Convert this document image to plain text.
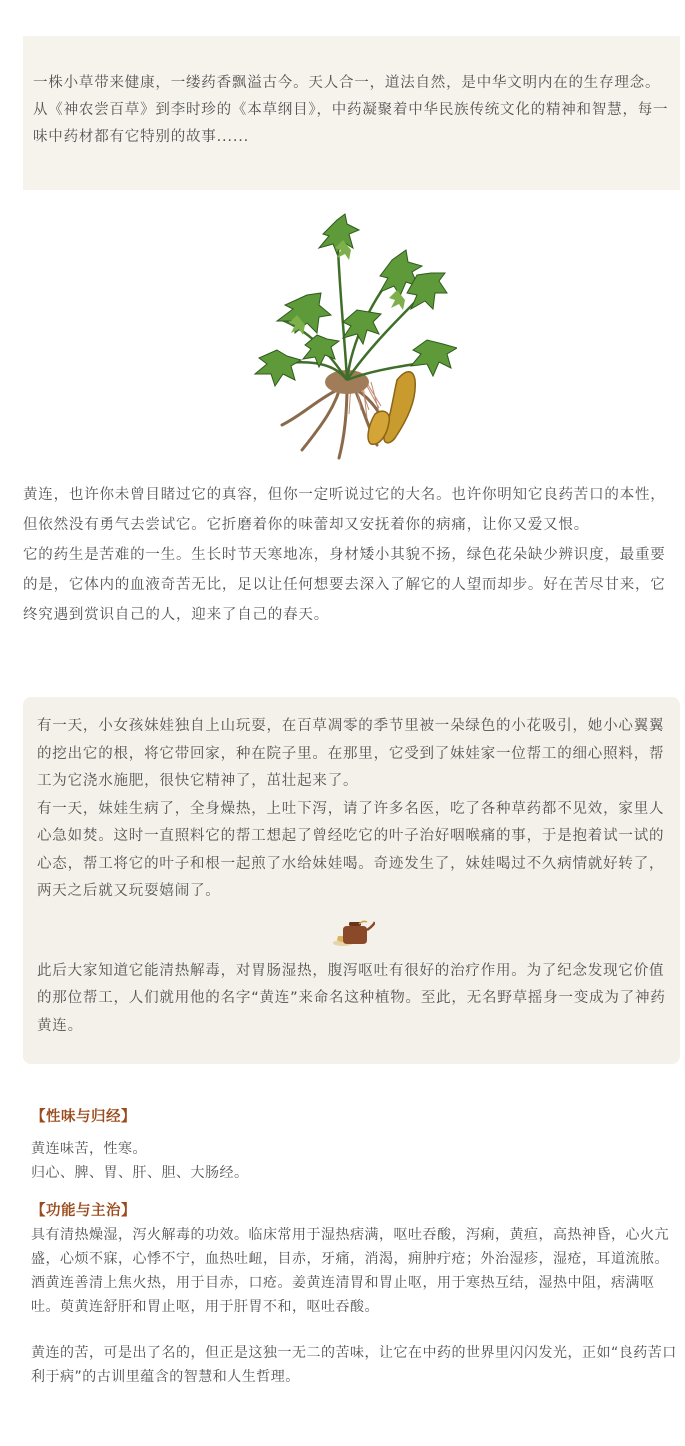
一株小草带来健康，一缕药香飘溢古今。天人合一，道法自然，是中华文明内在的生存理念。从《神农尝百草》到李时珍的《本草纲目》，中药凝聚着中华民族传统文化的精神和智慧，每一味中药材都有它特别的故事......

黄连，也许你未曾目睹过它的真容，但你一定听说过它的大名。也许你明知它良药苦口的本性，但依然没有勇气去尝试它。它折磨着你的味蕾却又安抚着你的病痛，让你又爱又恨。

它的药生是苦难的一生。生长时节天寒地冻，身材矮小其貌不扬，绿色花朵缺少辨识度，最重要的是，它体内的血液奇苦无比，足以让任何想要去深入了解它的人望而却步。好在苦尽甘来，它终究遇到赏识自己的人，迎来了自己的春天。

有一天，小女孩妹娃独自上山玩耍，在百草凋零的季节里被一朵绿色的小花吸引，她小心翼翼的挖出它的根，将它带回家，种在院子里。在那里，它受到了妹娃家一位帮工的细心照料，帮工为它浇水施肥，很快它精神了，茁壮起来了。

有一天，妹娃生病了，全身燥热，上吐下泻，请了许多名医，吃了各种草药都不见效，家里人心急如焚。这时一直照料它的帮工想起了曾经吃它的叶子治好咽喉痛的事，于是抱着试一试的心态，帮工将它的叶子和根一起煎了水给妹娃喝。奇迹发生了，妹娃喝过不久病情就好转了，两天之后就又玩耍嬉闹了。

此后大家知道它能清热解毒，对胃肠湿热，腹泻呕吐有很好的治疗作用。为了纪念发现它价值的那位帮工，人们就用他的名字“黄连”来命名这种植物。至此，无名野草摇身一变成为了神药黄连。

【性味与归经】

黄连味苦，性寒。

归心、脾、胃、肝、胆、大肠经。

【功能与主治】

具有清热燥湿，泻火解毒的功效。临床常用于湿热痞满，呕吐吞酸，泻痢，黄疸，高热神昏，心火亢盛，心烦不寐，心悸不宁，血热吐衄，目赤，牙痛，消渴，痈肿疔疮；外治湿疹，湿疮，耳道流脓。酒黄连善清上焦火热，用于目赤，口疮。姜黄连清胃和胃止呕，用于寒热互结，湿热中阻，痞满呕吐。萸黄连舒肝和胃止呕，用于肝胃不和，呕吐吞酸。

黄连的苦，可是出了名的，但正是这独一无二的苦味，让它在中药的世界里闪闪发光，正如“良药苦口利于病”的古训里蕴含的智慧和人生哲理。
